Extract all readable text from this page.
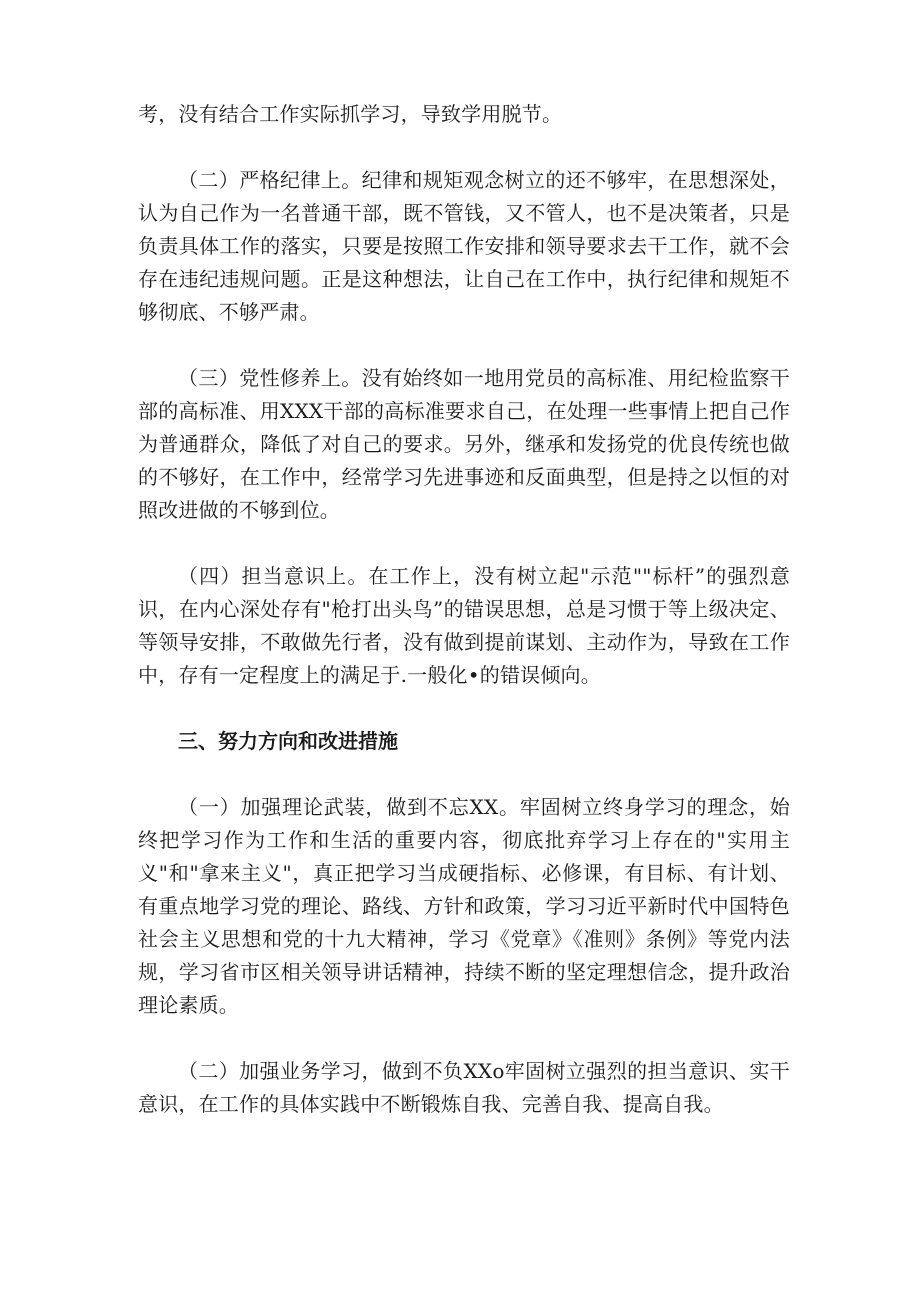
考，没有结合工作实际抓学习，导致学用脱节。

（二）严格纪律上。纪律和规矩观念树立的还不够牢，在思想深处，认为自己作为一名普通干部，既不管钱，又不管人，也不是决策者，只是负责具体工作的落实，只要是按照工作安排和领导要求去干工作，就不会存在违纪违规问题。正是这种想法，让自己在工作中，执行纪律和规矩不够彻底、不够严肃。

（三）党性修养上。没有始终如一地用党员的高标准、用纪检监察干部的高标准、用XXX干部的高标准要求自己，在处理一些事情上把自己作为普通群众，降低了对自己的要求。另外，继承和发扬党的优良传统也做的不够好，在工作中，经常学习先进事迹和反面典型，但是持之以恒的对照改进做的不够到位。

（四）担当意识上。在工作上，没有树立起"示范""标杆”的强烈意识，在内心深处存有"枪打出头鸟”的错误思想，总是习惯于等上级决定、等领导安排，不敢做先行者，没有做到提前谋划、主动作为，导致在工作中，存有一定程度上的满足于.一般化•的错误倾向。

三、努力方向和改进措施

（一）加强理论武装，做到不忘XX。牢固树立终身学习的理念，始终把学习作为工作和生活的重要内容，彻底批弃学习上存在的"实用主义"和"拿来主义"，真正把学习当成硬指标、必修课，有目标、有计划、有重点地学习党的理论、路线、方针和政策，学习习近平新时代中国特色社会主义思想和党的十九大精神，学习《党章》《准则》条例》等党内法规，学习省市区相关领导讲话精神，持续不断的坚定理想信念，提升政治理论素质。

（二）加强业务学习，做到不负XXo牢固树立强烈的担当意识、实干意识，在工作的具体实践中不断锻炼自我、完善自我、提高自我。
